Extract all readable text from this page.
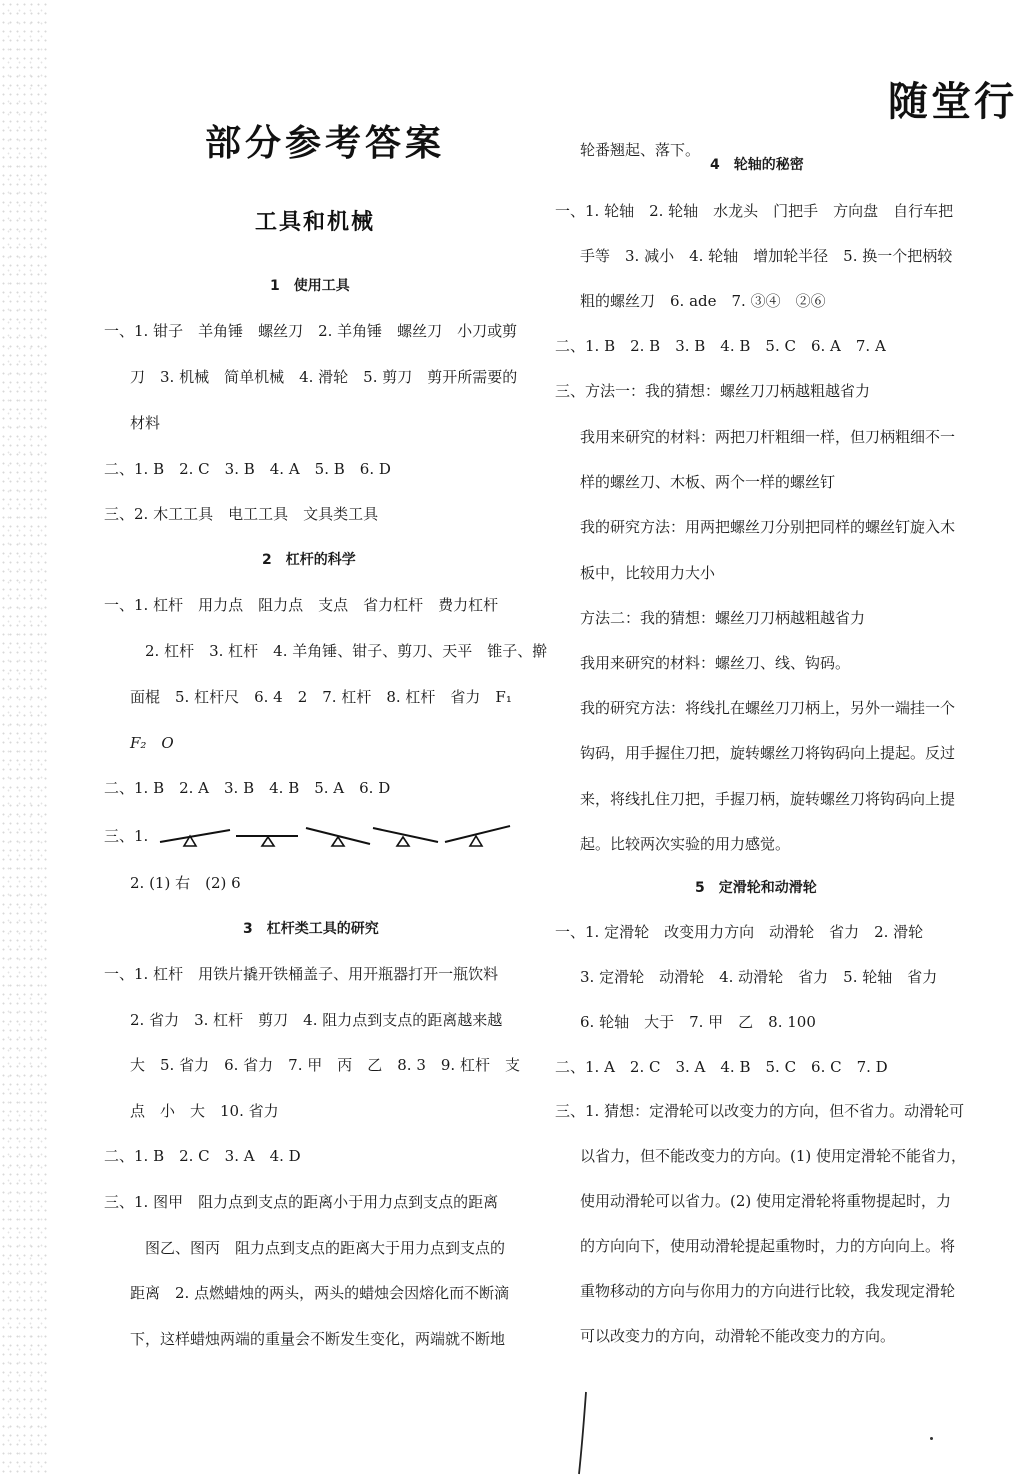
随堂行
部分参考答案
工具和机械
1　使用工具
一、1. 钳子　羊角锤　螺丝刀　2. 羊角锤　螺丝刀　小刀或剪
刀　3. 机械　简单机械　4. 滑轮　5. 剪刀　剪开所需要的
材料
二、1. B　2. C　3. B　4. A　5. B　6. D
三、2. 木工工具　电工工具　文具类工具
2　杠杆的科学
一、1. 杠杆　用力点　阻力点　支点　省力杠杆　费力杠杆
2. 杠杆　3. 杠杆　4. 羊角锤、钳子、剪刀、天平　锥子、擀
面棍　5. 杠杆尺　6. 4　2　7. 杠杆　8. 杠杆　省力　F₁
F₂　O
二、1. B　2. A　3. B　4. B　5. A　6. D
三、1.
2. (1) 右　(2) 6
3　杠杆类工具的研究
一、1. 杠杆　用铁片撬开铁桶盖子、用开瓶器打开一瓶饮料
2. 省力　3. 杠杆　剪刀　4. 阻力点到支点的距离越来越
大　5. 省力　6. 省力　7. 甲　丙　乙　8. 3　9. 杠杆　支
点　小　大　10. 省力
二、1. B　2. C　3. A　4. D
三、1. 图甲　阻力点到支点的距离小于用力点到支点的距离
图乙、图丙　阻力点到支点的距离大于用力点到支点的
距离　2. 点燃蜡烛的两头，两头的蜡烛会因熔化而不断滴
下，这样蜡烛两端的重量会不断发生变化，两端就不断地
轮番翘起、落下。
4　轮轴的秘密
一、1. 轮轴　2. 轮轴　水龙头　门把手　方向盘　自行车把
手等　3. 减小　4. 轮轴　增加轮半径　5. 换一个把柄较
粗的螺丝刀　6. ade　7. ③④　②⑥
二、1. B　2. B　3. B　4. B　5. C　6. A　7. A
三、方法一：我的猜想：螺丝刀刀柄越粗越省力
我用来研究的材料：两把刀杆粗细一样，但刀柄粗细不一
样的螺丝刀、木板、两个一样的螺丝钉
我的研究方法：用两把螺丝刀分别把同样的螺丝钉旋入木
板中，比较用力大小
方法二：我的猜想：螺丝刀刀柄越粗越省力
我用来研究的材料：螺丝刀、线、钩码。
我的研究方法：将线扎在螺丝刀刀柄上，另外一端挂一个
钩码，用手握住刀把，旋转螺丝刀将钩码向上提起。反过
来，将线扎住刀把，手握刀柄，旋转螺丝刀将钩码向上提
起。比较两次实验的用力感觉。
5　定滑轮和动滑轮
一、1. 定滑轮　改变用力方向　动滑轮　省力　2. 滑轮
3. 定滑轮　动滑轮　4. 动滑轮　省力　5. 轮轴　省力
6. 轮轴　大于　7. 甲　乙　8. 100
二、1. A　2. C　3. A　4. B　5. C　6. C　7. D
三、1. 猜想：定滑轮可以改变力的方向，但不省力。动滑轮可
以省力，但不能改变力的方向。(1) 使用定滑轮不能省力，
使用动滑轮可以省力。(2) 使用定滑轮将重物提起时，力
的方向向下，使用动滑轮提起重物时，力的方向向上。将
重物移动的方向与你用力的方向进行比较，我发现定滑轮
可以改变力的方向，动滑轮不能改变力的方向。
